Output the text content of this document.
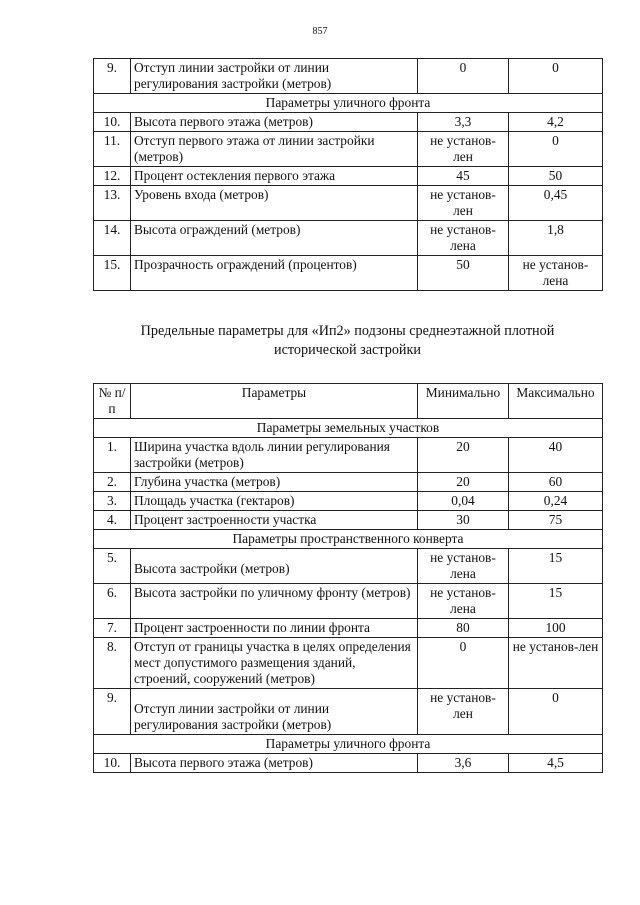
857
9.	Отступ линии застройки от линии регулирования застройки (метров)	0	0
Параметры уличного фронта			
10.	Высота первого этажа (метров)	3,3	4,2
11.	Отступ первого этажа от линии застройки (метров)	не установ-лен	0
12.	Процент остекления первого этажа	45	50
13.	Уровень входа (метров)	не установ-лен	0,45
14.	Высота ограждений (метров)	не установ-лена	1,8
15.	Прозрачность ограждений (процентов)	50	не установ-лена
Предельные параметры для «Ип2» подзоны среднеэтажной плотной
исторической застройки
№ п/п	Параметры	Минимально	Максимально
Параметры земельных участков			
1.	Ширина участка вдоль линии регулирования застройки (метров)	20	40
2.	Глубина участка (метров)	20	60
3.	Площадь участка (гектаров)	0,04	0,24
4.	Процент застроенности участка	30	75
Параметры пространственного конверта			
5.	Высота застройки (метров)	не установ-лена	15
6.	Высота застройки по уличному фронту (метров)	не установ-лена	15
7.	Процент застроенности по линии фронта	80	100
8.	Отступ от границы участка в целях определения мест допустимого размещения зданий, строений, сооружений (метров)	0	не установ-лен
9.	Отступ линии застройки от линии регулирования застройки (метров)	не установ-лен	0
Параметры уличного фронта			
10.	Высота первого этажа (метров)	3,6	4,5
